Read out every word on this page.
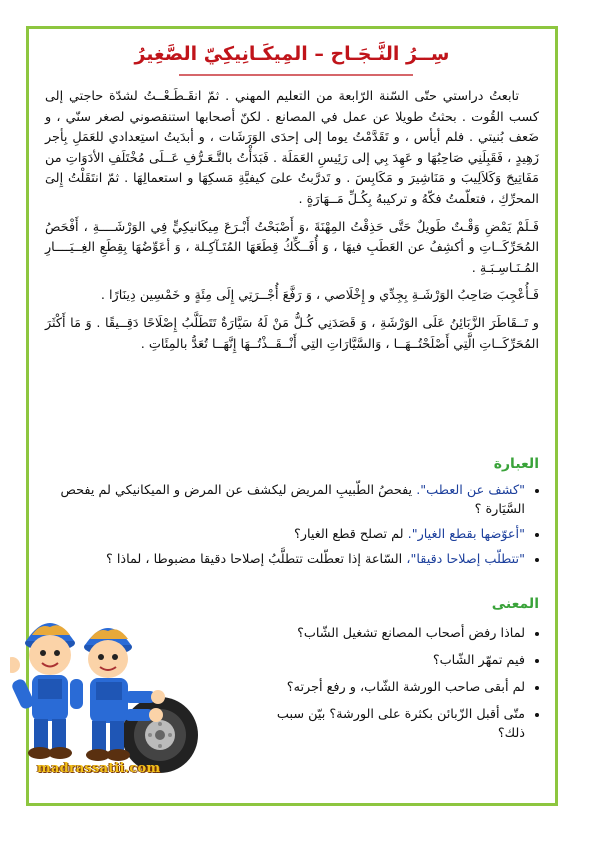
سِــرُ النَّـجَـاح – المِيكَـانِيكِيّ الصَّغِيرُ

تابعتُ دراستي حتّى السّنة الرّابعة من التعليم المهني . ثمّ انقَـطَـعْــتُ لشدّة حاجتي إلى كسب القُوت . بحثتُ طويلا عن عمل في المصانع . لكنّ أصحابها استنقصوني لصغر سنّي ، و ضَعف بُنيتي . فلم أيأس ، و تَقَدَّمْتُ يوما إلى إحدَى الوَرَشَات ، و أبدَيتُ استِعدادي للعَمَلِ بِأجر زَهِيدٍ ، فَقَبِلَنِي صَاحِبُهَا و عَهِدَ بِي إلى رَئِيسِ العَمَلَة . فَبَدَأْتُ بالتَّـعَـرُّفِ عَــلَى مُخْتَلَفِ الأدَوَاتِ من مَفَاتِيحَ وَكَلاَلِيبَ و مَنَاشِيرَ و مَكَابِسَ . و تَدرَّبتُ علىَ كيفيَّةِ مَسكِهَا و استعمالِهَا . ثمّ انتَقَلْتُ إِلىَ المحرِّكِ ، فتعلّمتُ فكّهُ و تركيبهُ بِكُـلِّ مَــهَارَةٍ .

فَـلَمْ يَمْضِ وَقْـتٌ طَويلٌ حَتَّى حَذِقْتُ المِهْنَةَ ،وَ أَصْبَحْتُ أَبْـرَعَ مِيكَانيكِيٍّ فِي الوَرْشَــــةِ ، أَفْحَصُ المُحَرِّكَــاتِ و أكشِفُ عن العَطَبِ فيهَا ، وَ أُفَــكِّكُ قِطَعَهَا المُتَـآكِـلة ، وَ أعَوِّضُهَا بِقِطَعِ الغِــيَــــارِ المُـنَـاسِـبَـةِ .

فَـأُعْجِبَ صَاحِبُ الوَرْشَـةِ بِجِدِّي و إِخْلَاصي ، وَ رَفَّعَ أُجْــرَتِي إِلَى مِئَةٍ و خَمْسِين دِينَارًا .

و تَــقَاطَرَ الزَّبَائِنُ عَلَى الوَرْشَةِ ، وَ قَصَدَنِي كُـلُّ مَنْ لَهُ سَيَّارَةٌ تَتَطَلَّبُ إِصْلَاحًا دَقِــيقًا . وَ مَا أَكْثَرَ المُحَرِّكَــاتِ الَّتِي أَصْلَحْتُــهَــا ، وَالسَّيَّارَاتِ التِي أَنْــقَــذْتُــهَا إِنَّهَــا تُعَدُّ بالمِئَاتِ .

العبارة
• "كشف عن العطب". يفحصُ الطّبيبِ المريض ليكشف عن المرض و الميكانيكي لم يفحص السَّيَارة ؟
• "أعوّضها بقطع الغيار". لم تصلح قطع الغيار؟
• "تتطلّب إصلاحا دقيقا"، السّاعة إذا تعطّلت تتطلَّبُ إصلاحا دقيقا مضبوطا ، لماذا ؟
المعنى
• لماذا رفض أصحاب المصانع تشغيل الشّاب؟
• فيم تمهّر الشّاب؟
• لم أبقى صاحب الورشة الشّاب، و رفع أجرته؟
• متّى أقبل الزّبائن بكثرة على الورشة؟ بيّن سبب ذلك؟
madrassatii.com
